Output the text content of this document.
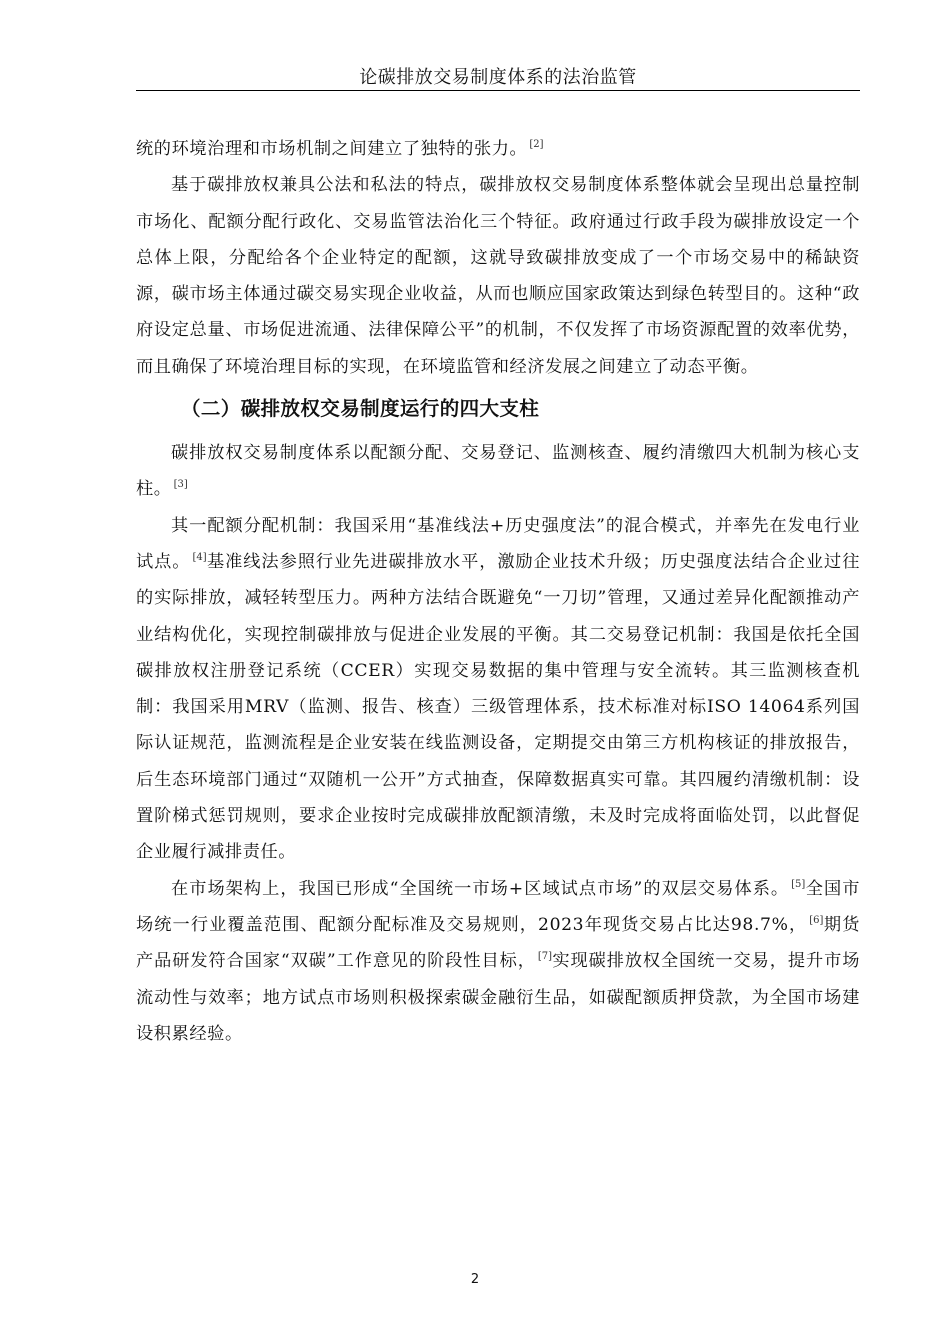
论碳排放交易制度体系的法治监管

统的环境治理和市场机制之间建立了独特的张力。 [2]

基于碳排放权兼具公法和私法的特点，碳排放权交易制度体系整体就会呈现出总量控制市场化、配额分配行政化、交易监管法治化三个特征。政府通过行政手段为碳排放设定一个总体上限，分配给各个企业特定的配额，这就导致碳排放变成了一个市场交易中的稀缺资源，碳市场主体通过碳交易实现企业收益，从而也顺应国家政策达到绿色转型目的。这种“政府设定总量、市场促进流通、法律保障公平”的机制，不仅发挥了市场资源配置的效率优势，而且确保了环境治理目标的实现，在环境监管和经济发展之间建立了动态平衡。

（二）碳排放权交易制度运行的四大支柱

碳排放权交易制度体系以配额分配、交易登记、监测核查、履约清缴四大机制为核心支柱。 [3]

其一配额分配机制：我国采用“基准线法+历史强度法”的混合模式，并率先在发电行业试点。 [4]基准线法参照行业先进碳排放水平，激励企业技术升级；历史强度法结合企业过往的实际排放，减轻转型压力。两种方法结合既避免“一刀切”管理，又通过差异化配额推动产业结构优化，实现控制碳排放与促进企业发展的平衡。其二交易登记机制：我国是依托全国碳排放权注册登记系统（CCER）实现交易数据的集中管理与安全流转。其三监测核查机制：我国采用MRV（监测、报告、核查）三级管理体系，技术标准对标ISO 14064系列国际认证规范，监测流程是企业安装在线监测设备，定期提交由第三方机构核证的排放报告，后生态环境部门通过“双随机一公开”方式抽查，保障数据真实可靠。其四履约清缴机制：设置阶梯式惩罚规则，要求企业按时完成碳排放配额清缴，未及时完成将面临处罚，以此督促企业履行减排责任。

在市场架构上，我国已形成“全国统一市场+区域试点市场”的双层交易体系。 [5]全国市场统一行业覆盖范围、配额分配标准及交易规则，2023年现货交易占比达98.7%， [6]期货产品研发符合国家“双碳”工作意见的阶段性目标， [7]实现碳排放权全国统一交易，提升市场流动性与效率；地方试点市场则积极探索碳金融衍生品，如碳配额质押贷款，为全国市场建设积累经验。

2
